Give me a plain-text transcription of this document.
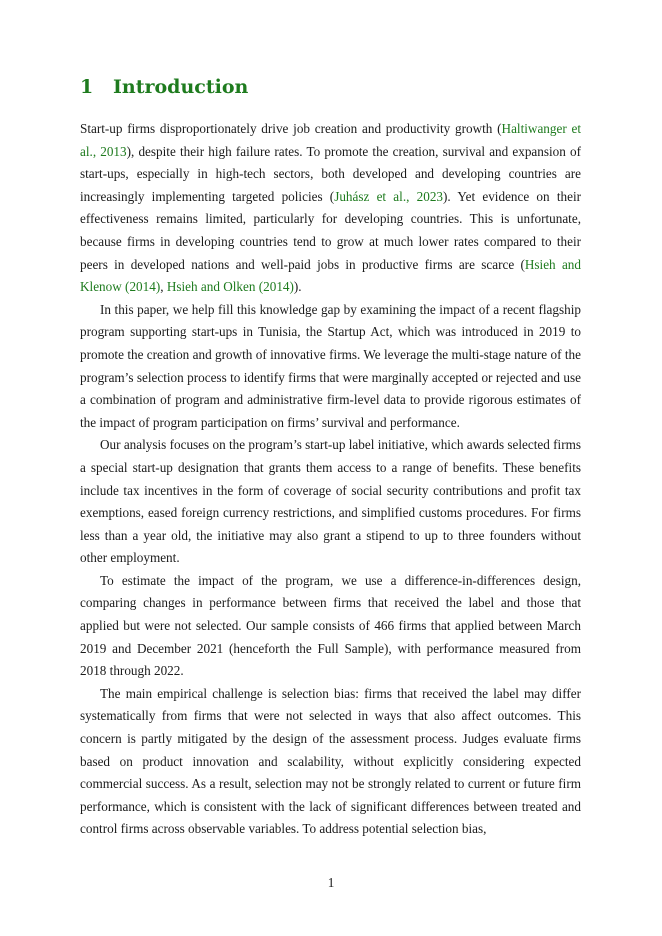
1 Introduction

Start-up firms disproportionately drive job creation and productivity growth (Haltiwanger et al., 2013), despite their high failure rates. To promote the creation, survival and expansion of start-ups, especially in high-tech sectors, both developed and developing countries are increasingly implementing targeted policies (Juhász et al., 2023). Yet evidence on their effectiveness remains limited, particularly for developing countries. This is unfortunate, because firms in developing countries tend to grow at much lower rates compared to their peers in developed nations and well-paid jobs in productive firms are scarce (Hsieh and Klenow (2014), Hsieh and Olken (2014)).

In this paper, we help fill this knowledge gap by examining the impact of a recent flagship program supporting start-ups in Tunisia, the Startup Act, which was introduced in 2019 to promote the creation and growth of innovative firms. We leverage the multi-stage nature of the program’s selection process to identify firms that were marginally accepted or rejected and use a combination of program and administrative firm-level data to provide rigorous estimates of the impact of program participation on firms’ survival and performance.

Our analysis focuses on the program’s start-up label initiative, which awards selected firms a special start-up designation that grants them access to a range of benefits. These benefits include tax incentives in the form of coverage of social security contributions and profit tax exemptions, eased foreign currency restrictions, and simplified customs procedures. For firms less than a year old, the initiative may also grant a stipend to up to three founders without other employment.

To estimate the impact of the program, we use a difference-in-differences design, comparing changes in performance between firms that received the label and those that applied but were not selected. Our sample consists of 466 firms that applied between March 2019 and December 2021 (henceforth the Full Sample), with performance measured from 2018 through 2022.

The main empirical challenge is selection bias: firms that received the label may differ systematically from firms that were not selected in ways that also affect outcomes. This concern is partly mitigated by the design of the assessment process. Judges evaluate firms based on product innovation and scalability, without explicitly considering expected commercial success. As a result, selection may not be strongly related to current or future firm performance, which is consistent with the lack of significant differences between treated and control firms across observable variables. To address potential selection bias,

1
